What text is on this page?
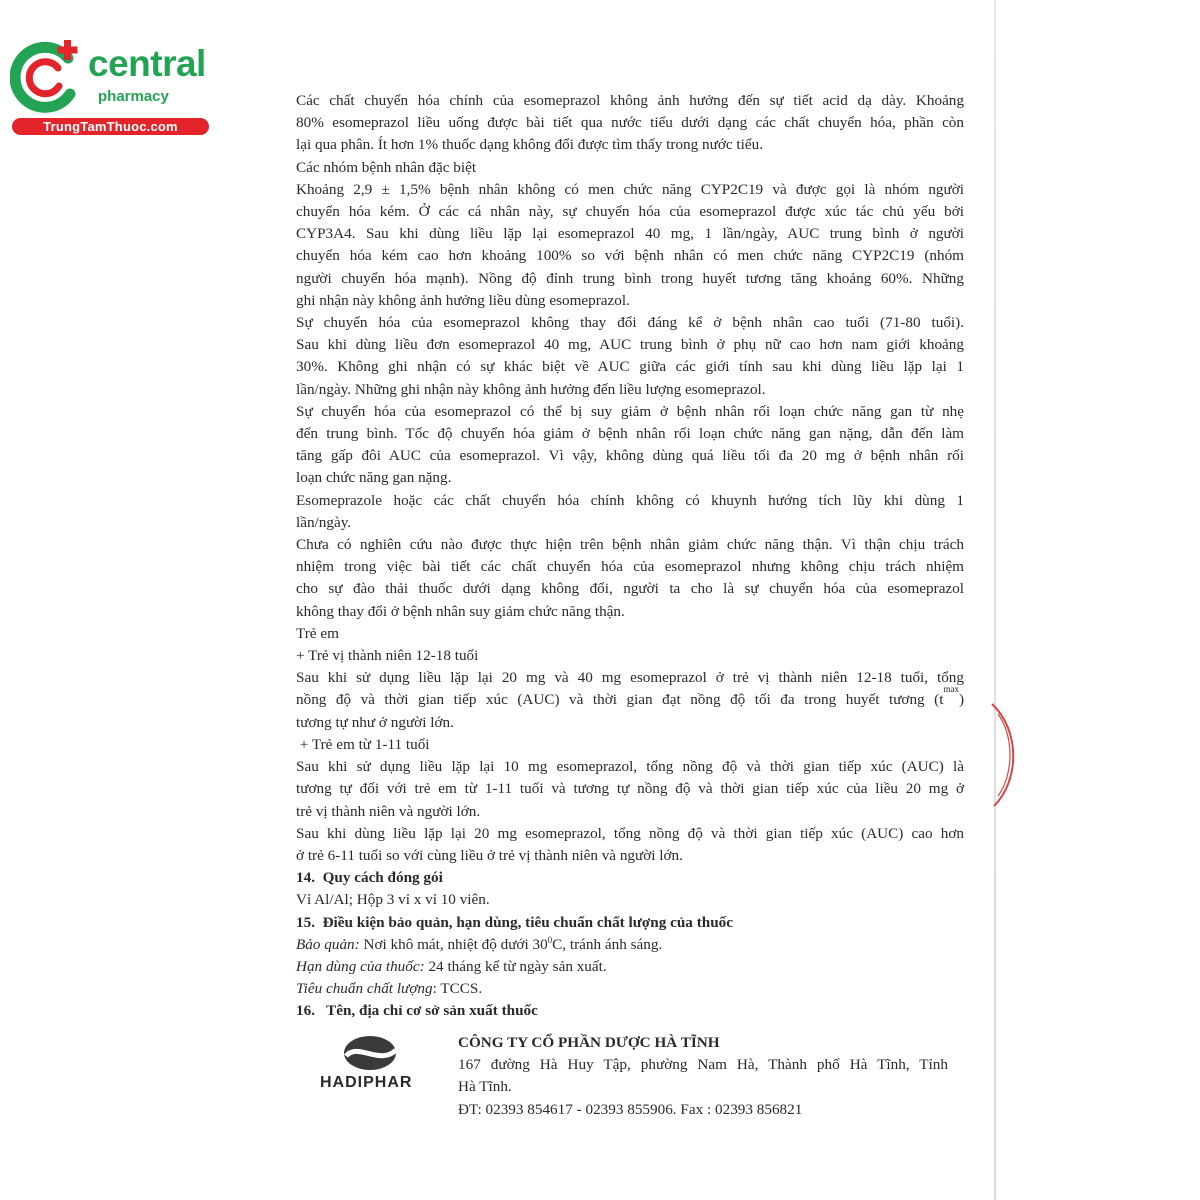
central
pharmacy
TrungTamThuoc.com
Các chất chuyển hóa chính của esomeprazol không ảnh hưởng đến sự tiết acid dạ dày. Khoảng
80% esomeprazol liều uống được bài tiết qua nước tiểu dưới dạng các chất chuyển hóa, phần còn
lại qua phân. Ít hơn 1% thuốc dạng không đổi được tìm thấy trong nước tiểu.
Các nhóm bệnh nhân đặc biệt
Khoảng 2,9 ± 1,5% bệnh nhân không có men chức năng CYP2C19 và được gọi là nhóm người
chuyển hóa kém. Ở các cá nhân này, sự chuyển hóa của esomeprazol được xúc tác chủ yếu bởi
CYP3A4. Sau khi dùng liều lặp lại esomeprazol 40 mg, 1 lần/ngày, AUC trung bình ở người
chuyển hóa kém cao hơn khoảng 100% so với bệnh nhân có men chức năng CYP2C19 (nhóm
người chuyển hóa mạnh). Nồng độ đỉnh trung bình trong huyết tương tăng khoảng 60%. Những
ghi nhận này không ảnh hưởng liều dùng esomeprazol.
Sự chuyển hóa của esomeprazol không thay đổi đáng kể ở bệnh nhân cao tuổi (71-80 tuổi).
Sau khi dùng liều đơn esomeprazol 40 mg, AUC trung bình ở phụ nữ cao hơn nam giới khoảng
30%. Không ghi nhận có sự khác biệt về AUC giữa các giới tính sau khi dùng liều lặp lại 1
lần/ngày. Những ghi nhận này không ảnh hưởng đến liều lượng esomeprazol.
Sự chuyển hóa của esomeprazol có thể bị suy giảm ở bệnh nhân rối loạn chức năng gan từ nhẹ
đến trung bình. Tốc độ chuyển hóa giảm ở bệnh nhân rối loạn chức năng gan nặng, dẫn đến làm
tăng gấp đôi AUC của esomeprazol. Vì vậy, không dùng quá liều tối đa 20 mg ở bệnh nhân rối
loạn chức năng gan nặng.
Esomeprazole hoặc các chất chuyển hóa chính không có khuynh hướng tích lũy khi dùng 1
lần/ngày.
Chưa có nghiên cứu nào được thực hiện trên bệnh nhân giảm chức năng thận. Vì thận chịu trách
nhiệm trong việc bài tiết các chất chuyển hóa của esomeprazol nhưng không chịu trách nhiệm
cho sự đào thải thuốc dưới dạng không đổi, người ta cho là sự chuyển hóa của esomeprazol
không thay đổi ở bệnh nhân suy giảm chức năng thận.
Trẻ em
+ Trẻ vị thành niên 12-18 tuổi
Sau khi sử dụng liều lặp lại 20 mg và 40 mg esomeprazol ở trẻ vị thành niên 12-18 tuổi, tổng
nồng độ và thời gian tiếp xúc (AUC) và thời gian đạt nồng độ tối đa trong huyết tương (t
max
)
tương tự như ở người lớn.
+ Trẻ em từ 1-11 tuổi
Sau khi sử dụng liều lặp lại 10 mg esomeprazol, tổng nồng độ và thời gian tiếp xúc (AUC) là
tương tự đối với trẻ em từ 1-11 tuổi và tương tự nồng độ và thời gian tiếp xúc của liều 20 mg ở
trẻ vị thành niên và người lớn.
Sau khi dùng liều lặp lại 20 mg esomeprazol, tổng nồng độ và thời gian tiếp xúc (AUC) cao hơn
ở trẻ 6-11 tuổi so với cùng liều ở trẻ vị thành niên và người lớn.
14.  Quy cách đóng gói
Vỉ Al/Al; Hộp 3 vỉ x vỉ 10 viên.
15.  Điều kiện bảo quản, hạn dùng, tiêu chuẩn chất lượng của thuốc
Bảo quản: Nơi khô mát, nhiệt độ dưới $30^0C$, tránh ánh sáng.
Hạn dùng của thuốc: 24 tháng kể từ ngày sản xuất.
Tiêu chuẩn chất lượng: TCCS.
16.   Tên, địa chỉ cơ sở sản xuất thuốc
HADIPHAR
CÔNG TY CỔ PHẦN DƯỢC HÀ TĨNH
167 đường Hà Huy Tập, phường Nam Hà, Thành phố Hà Tĩnh, Tỉnh
Hà Tĩnh.
ĐT: 02393 854617 - 02393 855906. Fax : 02393 856821
